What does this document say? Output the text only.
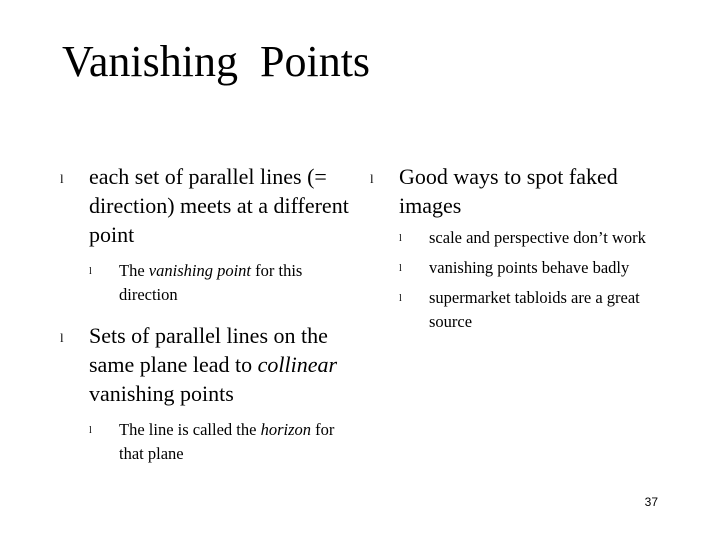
Vanishing  Points
l each set of parallel lines (= direction) meets at a different point
l The vanishing point for this direction
l Sets of parallel lines on the same plane lead to collinear vanishing points
l The line is called the horizon for that plane
l Good ways to spot faked images
l scale and perspective don’t work
l vanishing points behave badly
l supermarket tabloids are a great source
37
